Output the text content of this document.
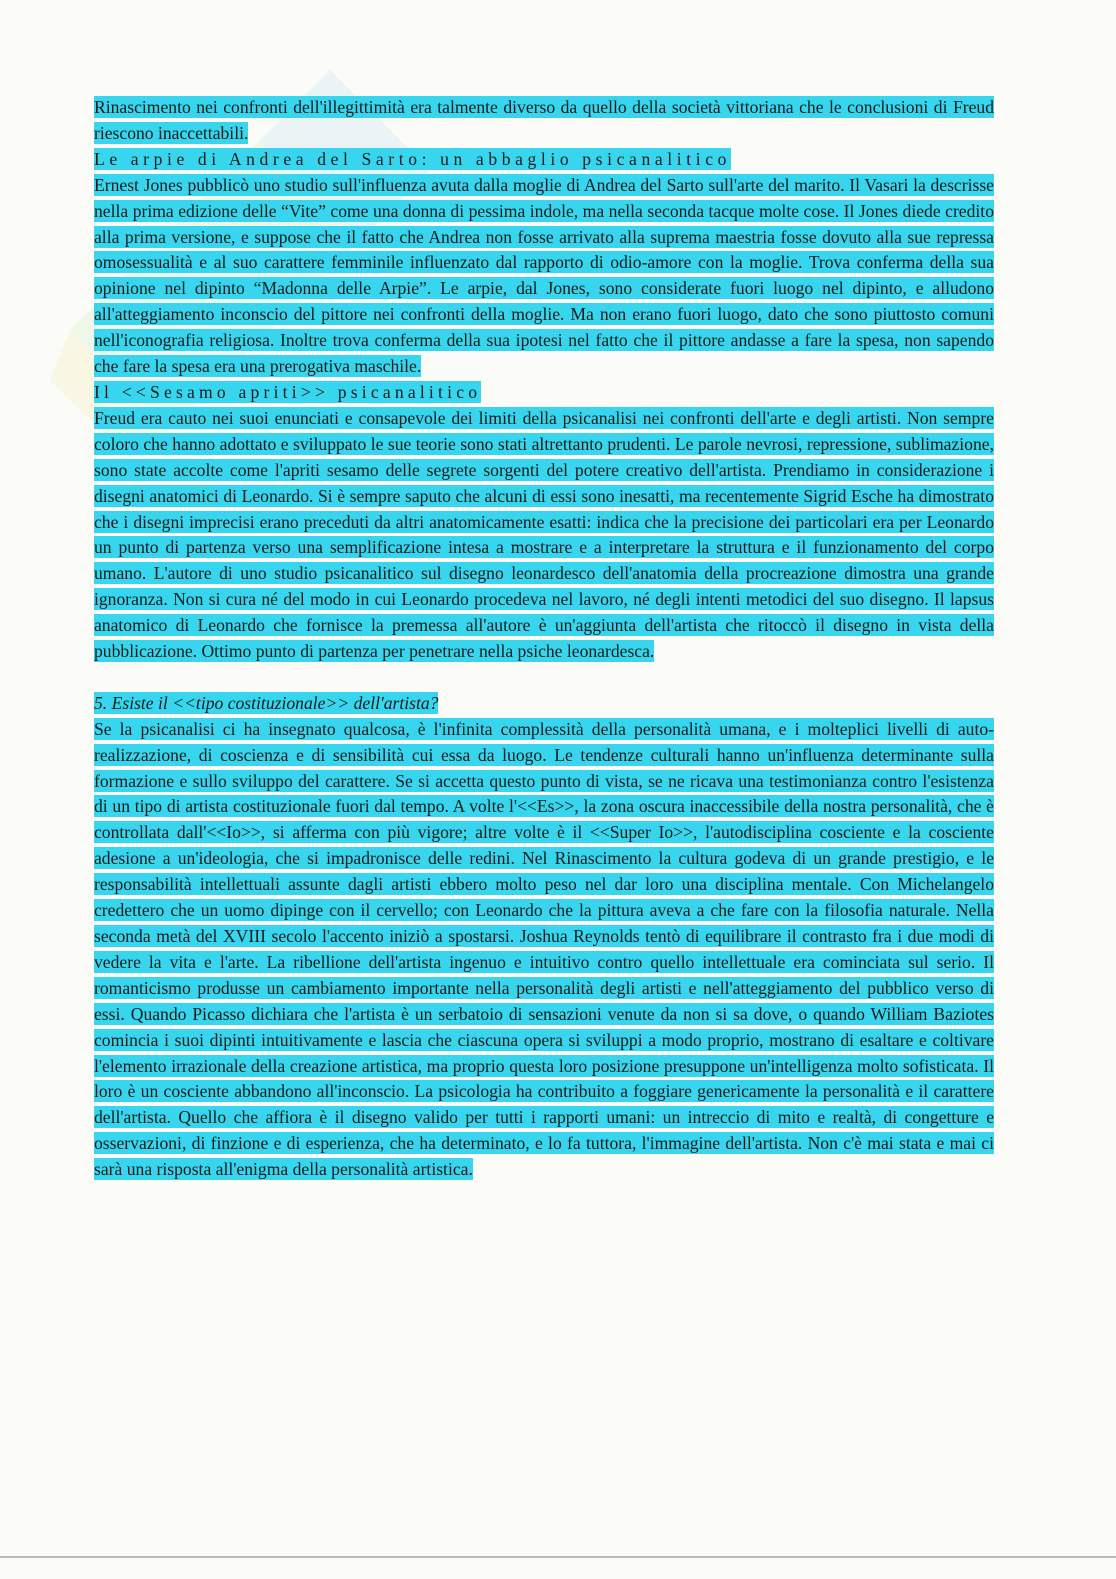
Rinascimento nei confronti dell'illegittimità era talmente diverso da quello della società vittoriana che le conclusioni di Freud riescono inaccettabili.

Le arpie di Andrea del Sarto: un abbaglio psicanalitico

Ernest Jones pubblicò uno studio sull'influenza avuta dalla moglie di Andrea del Sarto sull'arte del marito. Il Vasari la descrisse nella prima edizione delle “Vite” come una donna di pessima indole, ma nella seconda tacque molte cose. Il Jones diede credito alla prima versione, e suppose che il fatto che Andrea non fosse arrivato alla suprema maestria fosse dovuto alla sue repressa omosessualità e al suo carattere femminile influenzato dal rapporto di odio-amore con la moglie. Trova conferma della sua opinione nel dipinto “Madonna delle Arpie”. Le arpie, dal Jones, sono considerate fuori luogo nel dipinto, e alludono all'atteggiamento inconscio del pittore nei confronti della moglie. Ma non erano fuori luogo, dato che sono piuttosto comuni nell'iconografia religiosa. Inoltre trova conferma della sua ipotesi nel fatto che il pittore andasse a fare la spesa, non sapendo che fare la spesa era una prerogativa maschile.

Il <<Sesamo apriti>> psicanalitico

Freud era cauto nei suoi enunciati e consapevole dei limiti della psicanalisi nei confronti dell'arte e degli artisti. Non sempre coloro che hanno adottato e sviluppato le sue teorie sono stati altrettanto prudenti. Le parole nevrosi, repressione, sublimazione, sono state accolte come l'apriti sesamo delle segrete sorgenti del potere creativo dell'artista. Prendiamo in considerazione i disegni anatomici di Leonardo. Si è sempre saputo che alcuni di essi sono inesatti, ma recentemente Sigrid Esche ha dimostrato che i disegni imprecisi erano preceduti da altri anatomicamente esatti: indica che la precisione dei particolari era per Leonardo un punto di partenza verso una semplificazione intesa a mostrare e a interpretare la struttura e il funzionamento del corpo umano. L'autore di uno studio psicanalitico sul disegno leonardesco dell'anatomia della procreazione dimostra una grande ignoranza. Non si cura né del modo in cui Leonardo procedeva nel lavoro, né degli intenti metodici del suo disegno. Il lapsus anatomico di Leonardo che fornisce la premessa all'autore è un'aggiunta dell'artista che ritoccò il disegno in vista della pubblicazione. Ottimo punto di partenza per penetrare nella psiche leonardesca.

5. Esiste il <<tipo costituzionale>> dell'artista?

Se la psicanalisi ci ha insegnato qualcosa, è l'infinita complessità della personalità umana, e i molteplici livelli di auto-realizzazione, di coscienza e di sensibilità cui essa da luogo. Le tendenze culturali hanno un'influenza determinante sulla formazione e sullo sviluppo del carattere. Se si accetta questo punto di vista, se ne ricava una testimonianza contro l'esistenza di un tipo di artista costituzionale fuori dal tempo. A volte l'<<Es>>, la zona oscura inaccessibile della nostra personalità, che è controllata dall'<<Io>>, si afferma con più vigore; altre volte è il <<Super Io>>, l'autodisciplina cosciente e la cosciente adesione a un'ideologia, che si impadronisce delle redini. Nel Rinascimento la cultura godeva di un grande prestigio, e le responsabilità intellettuali assunte dagli artisti ebbero molto peso nel dar loro una disciplina mentale. Con Michelangelo credettero che un uomo dipinge con il cervello; con Leonardo che la pittura aveva a che fare con la filosofia naturale. Nella seconda metà del XVIII secolo l'accento iniziò a spostarsi. Joshua Reynolds tentò di equilibrare il contrasto fra i due modi di vedere la vita e l'arte. La ribellione dell'artista ingenuo e intuitivo contro quello intellettuale era cominciata sul serio. Il romanticismo produsse un cambiamento importante nella personalità degli artisti e nell'atteggiamento del pubblico verso di essi. Quando Picasso dichiara che l'artista è un serbatoio di sensazioni venute da non si sa dove, o quando William Baziotes comincia i suoi dipinti intuitivamente e lascia che ciascuna opera si sviluppi a modo proprio, mostrano di esaltare e coltivare l'elemento irrazionale della creazione artistica, ma proprio questa loro posizione presuppone un'intelligenza molto sofisticata. Il loro è un cosciente abbandono all'inconscio. La psicologia ha contribuito a foggiare genericamente la personalità e il carattere dell'artista. Quello che affiora è il disegno valido per tutti i rapporti umani: un intreccio di mito e realtà, di congetture e osservazioni, di finzione e di esperienza, che ha determinato, e lo fa tuttora, l'immagine dell'artista. Non c'è mai stata e mai ci sarà una risposta all'enigma della personalità artistica.
